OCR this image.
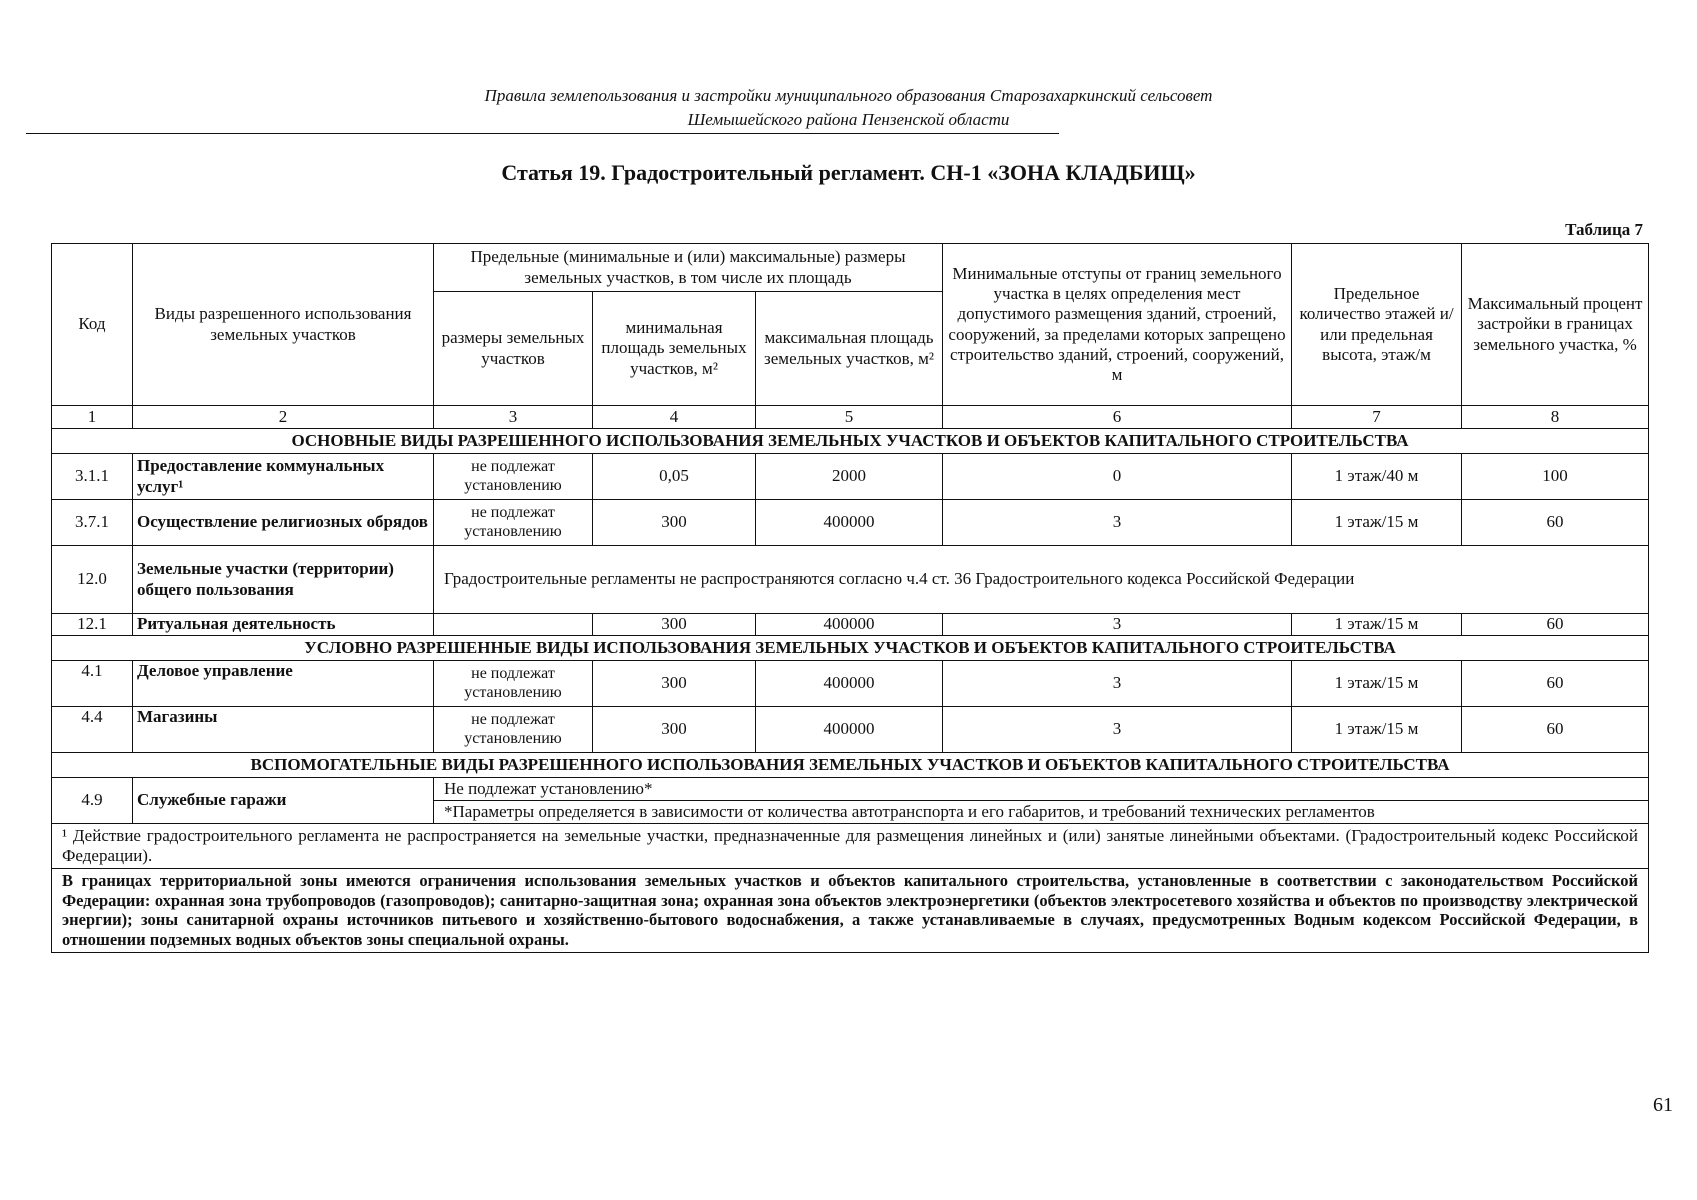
Правила землепользования и застройки муниципального образования Старозахаркинский сельсовет
Шемышейского района Пензенской области
Статья 19. Градостроительный регламент. СН-1 «ЗОНА КЛАДБИЩ»
Таблица 7
Код	Виды разрешенного использования земельных участков	Предельные (минимальные и (или) максимальные) размеры земельных участков, в том числе их площадь			Минимальные отступы от границ земельного участка в целях определения мест допустимого размещения зданий, строений, сооружений, за пределами которых запрещено строительство зданий, строений, сооружений, м	Предельное количество этажей и/или предельная высота, этаж/м	Максимальный процент застройки в границах земельного участка, %
		размеры земельных участков	минимальная площадь земельных участков, м²	максимальная площадь земельных участков, м²			
1	2	3	4	5	6	7	8
ОСНОВНЫЕ ВИДЫ РАЗРЕШЕННОГО ИСПОЛЬЗОВАНИЯ ЗЕМЕЛЬНЫХ УЧАСТКОВ И ОБЪЕКТОВ КАПИТАЛЬНОГО СТРОИТЕЛЬСТВА							
3.1.1	Предоставление коммунальных услуг¹	не подлежат установлению	0,05	2000	0	1 этаж/40 м	100
3.7.1	Осуществление религиозных обрядов	не подлежат установлению	300	400000	3	1 этаж/15 м	60
12.0	Земельные участки (территории) общего пользования	Градостроительные регламенты не распространяются согласно ч.4 ст. 36 Градостроительного кодекса Российской Федерации					
12.1	Ритуальная деятельность		300	400000	3	1 этаж/15 м	60
УСЛОВНО РАЗРЕШЕННЫЕ ВИДЫ ИСПОЛЬЗОВАНИЯ ЗЕМЕЛЬНЫХ УЧАСТКОВ И ОБЪЕКТОВ КАПИТАЛЬНОГО СТРОИТЕЛЬСТВА							
4.1	Деловое управление	не подлежат установлению	300	400000	3	1 этаж/15 м	60
4.4	Магазины	не подлежат установлению	300	400000	3	1 этаж/15 м	60
ВСПОМОГАТЕЛЬНЫЕ ВИДЫ РАЗРЕШЕННОГО ИСПОЛЬЗОВАНИЯ ЗЕМЕЛЬНЫХ УЧАСТКОВ И ОБЪЕКТОВ КАПИТАЛЬНОГО СТРОИТЕЛЬСТВА							
4.9	Служебные гаражи	Не подлежат установлению*					
		*Параметры определяется в зависимости от количества автотранспорта и его габаритов, и требований технических регламентов					
¹ Действие градостроительного регламента не распространяется на земельные участки, предназначенные для размещения линейных и (или) занятые линейными объектами. (Градостроительный кодекс Российской Федерации).							
В границах территориальной зоны имеются ограничения использования земельных участков и объектов капитального строительства, установленные в соответствии с законодательством Российской Федерации: охранная зона трубопроводов (газопроводов); санитарно-защитная зона; охранная зона объектов электроэнергетики (объектов электросетевого хозяйства и объектов по производству электрической энергии); зоны санитарной охраны источников питьевого и хозяйственно-бытового водоснабжения, а также устанавливаемые в случаях, предусмотренных Водным кодексом Российской Федерации, в отношении подземных водных объектов зоны специальной охраны.							
61
